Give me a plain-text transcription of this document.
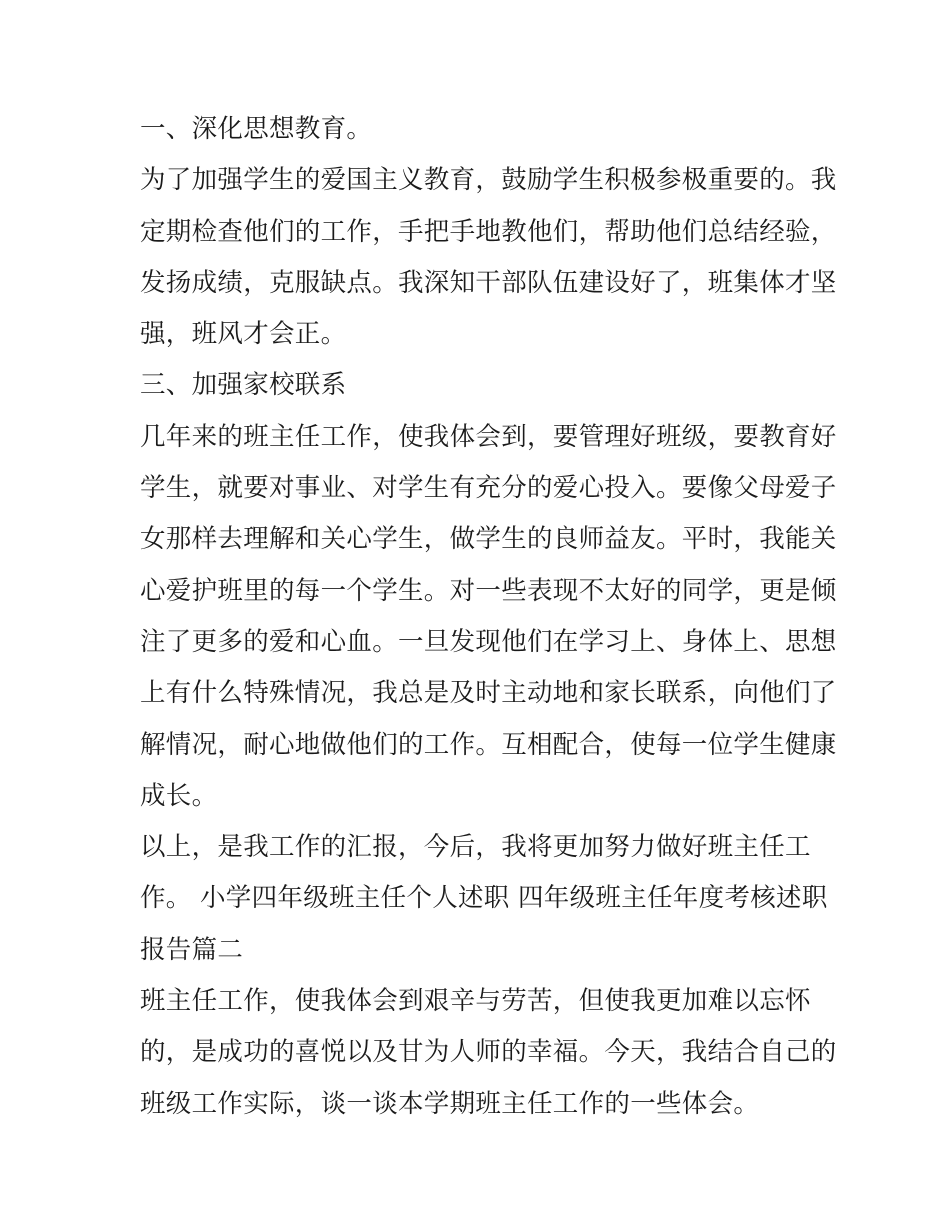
一、深化思想教育。
为了加强学生的爱国主义教育，鼓励学生积极参极重要的。我
定期检查他们的工作，手把手地教他们，帮助他们总结经验，
发扬成绩，克服缺点。我深知干部队伍建设好了，班集体才坚
强，班风才会正。
三、加强家校联系
几年来的班主任工作，使我体会到，要管理好班级，要教育好
学生，就要对事业、对学生有充分的爱心投入。要像父母爱子
女那样去理解和关心学生，做学生的良师益友。平时，我能关
心爱护班里的每一个学生。对一些表现不太好的同学，更是倾
注了更多的爱和心血。一旦发现他们在学习上、身体上、思想
上有什么特殊情况，我总是及时主动地和家长联系，向他们了
解情况，耐心地做他们的工作。互相配合，使每一位学生健康
成长。
以上，是我工作的汇报，今后，我将更加努力做好班主任工
作。 小学四年级班主任个人述职 四年级班主任年度考核述职
报告篇二
班主任工作，使我体会到艰辛与劳苦，但使我更加难以忘怀
的，是成功的喜悦以及甘为人师的幸福。今天，我结合自己的
班级工作实际，谈一谈本学期班主任工作的一些体会。
